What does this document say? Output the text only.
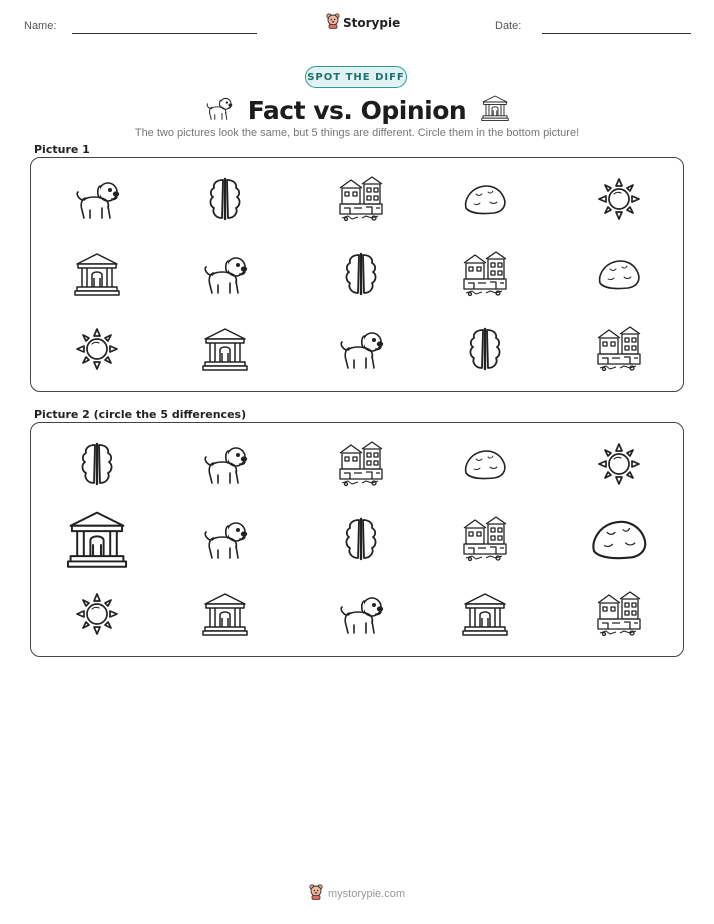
Name:	Storypie	Date:
SPOT THE DIFF
Fact vs. Opinion
The two pictures look the same, but 5 things are different. Circle them in the bottom picture!
Picture 1
Picture 2 (circle the 5 differences)
mystorypie.com
